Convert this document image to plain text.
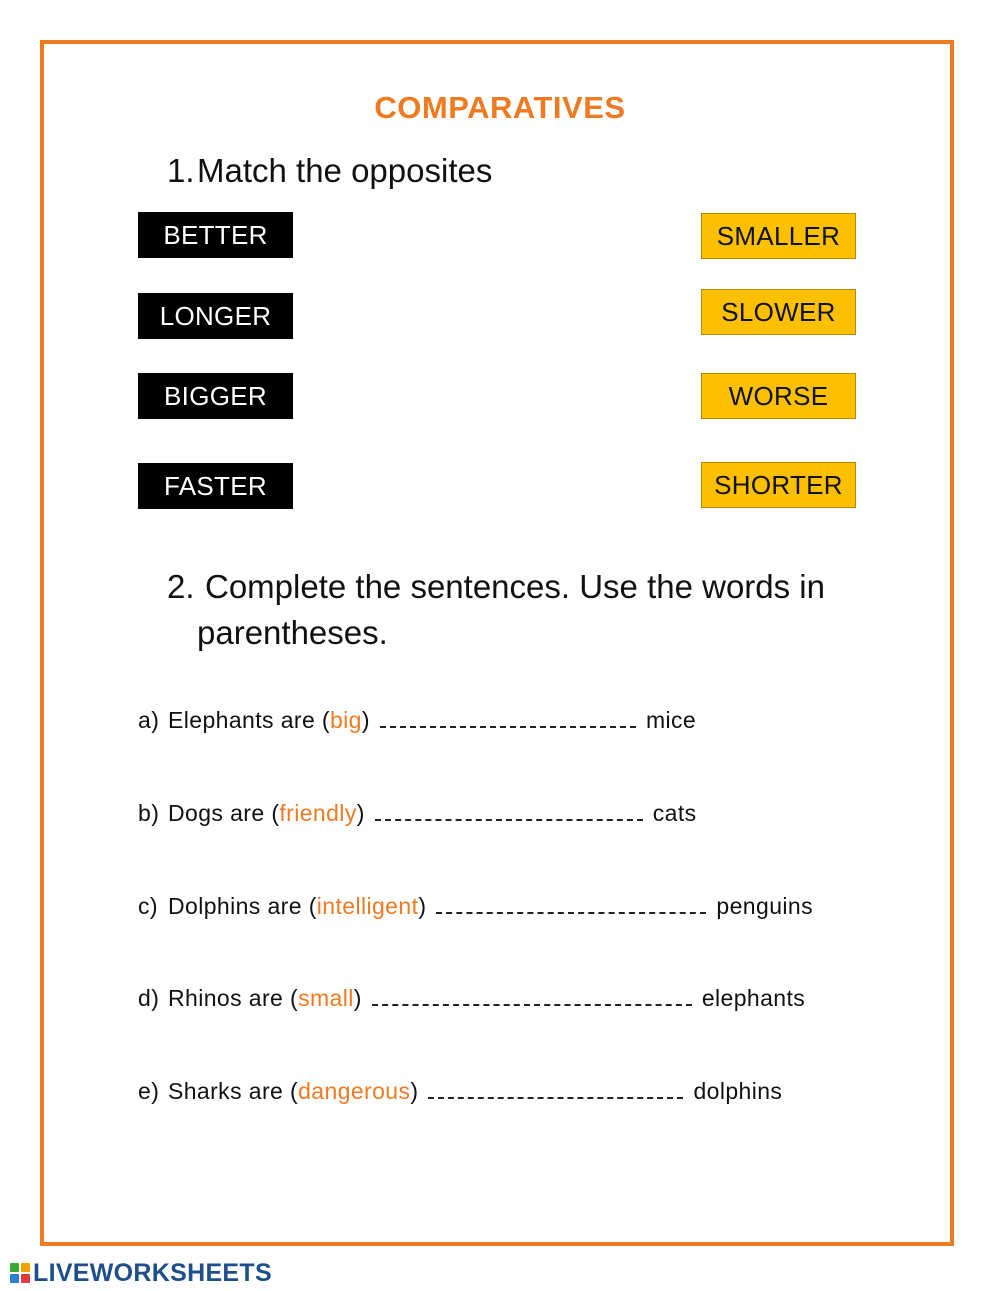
COMPARATIVES
1.Match the opposites
BETTER
LONGER
BIGGER
FASTER
SMALLER
SLOWER
WORSE
SHORTER
2. Complete the sentences. Use the words in
parentheses.
a) Elephants are (big)	mice
b) Dogs are (friendly)	cats
c) Dolphins are (intelligent)	penguins
d) Rhinos are (small)	elephants
e) Sharks are (dangerous)	dolphins
LIVEWORKSHEETS
